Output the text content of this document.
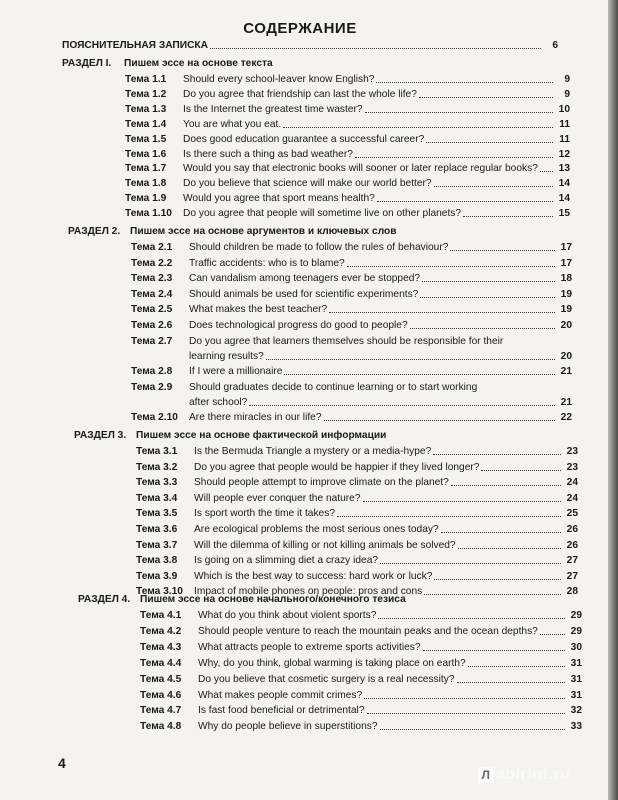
СОДЕРЖАНИЕ
ПОЯСНИТЕЛЬНАЯ ЗАПИСКА	6
РАЗДЕЛ I.	Пишем эссе на основе текста
Тема 1.1	Should every school-leaver know English?	9
Тема 1.2	Do you agree that friendship can last the whole life?	9
Тема 1.3	Is the Internet the greatest time waster?	10
Тема 1.4	You are what you eat.	11
Тема 1.5	Does good education guarantee a successful career?	11
Тема 1.6	Is there such a thing as bad weather?	12
Тема 1.7	Would you say that electronic books will sooner or later replace regular books? 13
Тема 1.8	Do you believe that science will make our world better?	14
Тема 1.9	Would you agree that sport means health?	14
Тема 1.10	Do you agree that people will sometime live on other planets?	15
РАЗДЕЛ 2. Пишем эссе на основе аргументов и ключевых слов
Тема 2.1	Should children be made to follow the rules of behaviour?	17
Тема 2.2	Traffic accidents: who is to blame?	17
Тема 2.3	Can vandalism among teenagers ever be stopped?	18
Тема 2.4	Should animals be used for scientific experiments?	19
Тема 2.5	What makes the best teacher?	19
Тема 2.6	Does technological progress do good to people?	20
Тема 2.7	Do you agree that learners themselves should be responsible for their
learning results?	20
Тема 2.8	If I were a millionaire	21
Тема 2.9	Should graduates decide to continue learning or to start working
after school?	21
Тема 2.10	Are there miracles in our life?	22
РАЗДЕЛ 3. Пишем эссе на основе фактической информации
Тема 3.1	Is the Bermuda Triangle a mystery or a media-hype?	23
Тема 3.2	Do you agree that people would be happier if they lived longer?	23
Тема 3.3	Should people attempt to improve climate on the planet?	24
Тема 3.4	Will people ever conquer the nature?	24
Тема 3.5	Is sport worth the time it takes?	25
Тема 3.6	Are ecological problems the most serious ones today?	26
Тема 3.7	Will the dilemma of killing or not killing animals be solved?	26
Тема 3.8	Is going on a slimming diet a crazy idea?	27
Тема 3.9	Which is the best way to success: hard work or luck?	27
Тема 3.10	Impact of mobile phones on people: pros and cons	28
РАЗДЕЛ 4. Пишем эссе на основе начального/конечного тезиса
Тема 4.1	What do you think about violent sports?	29
Тема 4.2	Should people venture to reach the mountain peaks and the ocean depths?	29
Тема 4.3	What attracts people to extreme sports activities?	30
Тема 4.4	Why, do you think, global warming is taking place on earth?	31
Тема 4.5	Do you believe that cosmetic surgery is a real necessity?	31
Тема 4.6	What makes people commit crimes?	31
Тема 4.7	Is fast food beneficial or detrimental?	32
Тема 4.8	Why do people believe in superstitions?	33
4
Л abirint.ru
